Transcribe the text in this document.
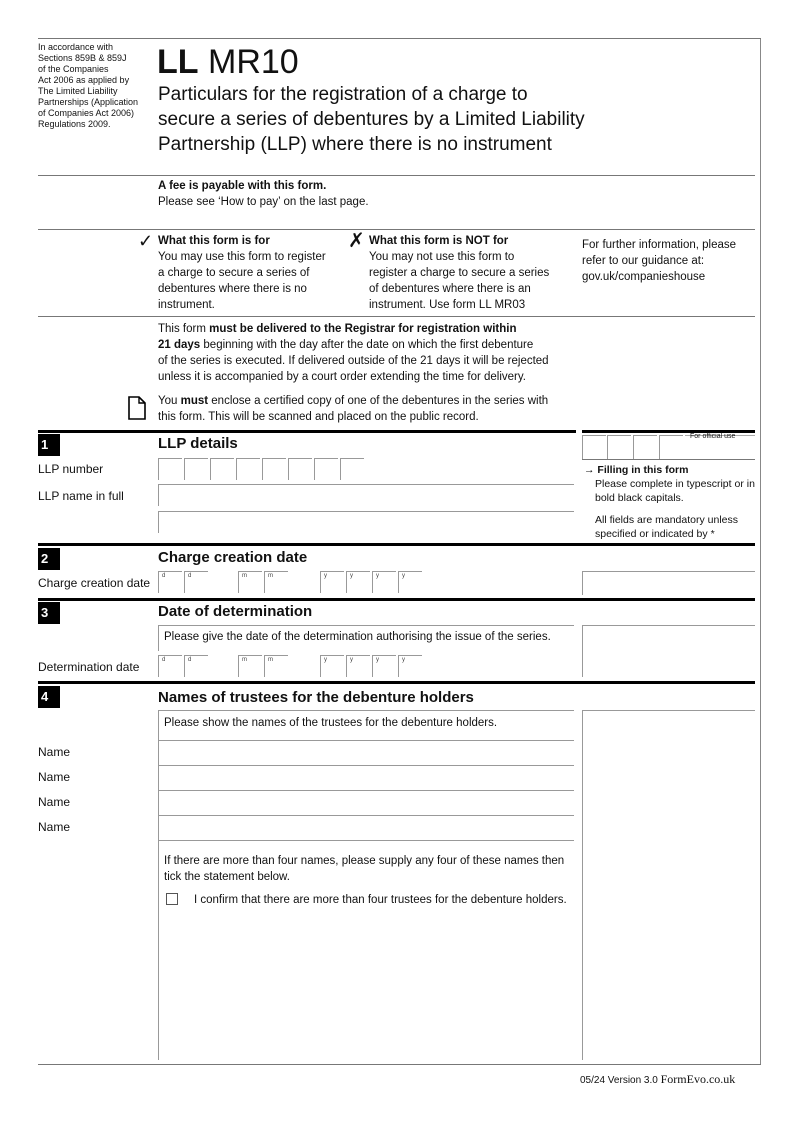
In accordance with
Sections 859B & 859J
of the Companies
Act 2006 as applied by
The Limited Liability
Partnerships (Application
of Companies Act 2006)
Regulations 2009.
LL MR10
Particulars for the registration of a charge to
secure a series of debentures by a Limited Liability
Partnership (LLP) where there is no instrument
A fee is payable with this form.
Please see ‘How to pay’ on the last page.
✓ What this form is for
You may use this form to register
a charge to secure a series of
debentures where there is no
instrument.
✗ What this form is NOT for
You may not use this form to
register a charge to secure a series
of debentures where there is an
instrument. Use form LL MR03
For further information, please
refer to our guidance at:
gov.uk/companieshouse
This form must be delivered to the Registrar for registration within
21 days beginning with the day after the date on which the first debenture
of the series is executed. If delivered outside of the 21 days it will be rejected
unless it is accompanied by a court order extending the time for delivery.
You must enclose a certified copy of one of the debentures in the series with
this form. This will be scanned and placed on the public record.
1	LLP details	For official use
LLP number
LLP name in full
→ Filling in this form
Please complete in typescript or in
bold black capitals.
All fields are mandatory unless
specified or indicated by *
2	Charge creation date
Charge creation date d	d	m	m	y	y	y	y
3	Date of determination
Please give the date of the determination authorising the issue of the series.
Determination date	d	d	m	m	y	y	y	y
4	Names of trustees for the debenture holders
Please show the names of the trustees for the debenture holders.
Name
Name
Name
Name
If there are more than four names, please supply any four of these names then
tick the statement below.
I confirm that there are more than four trustees for the debenture holders.
05/24 Version 3.0 FormEvo.co.uk
